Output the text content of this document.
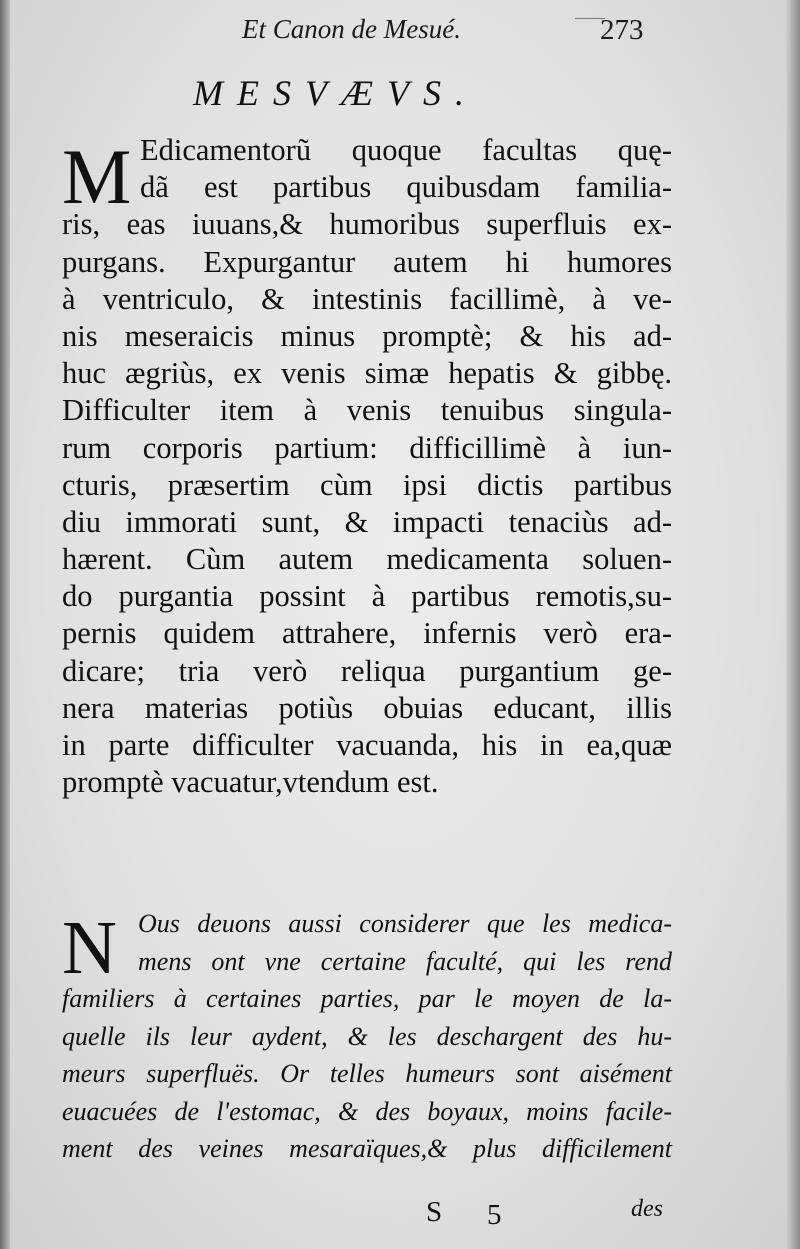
Et Canon de Mesué.	273
MESVÆVS.
M Edicamentorũ quoque facultas quę-
dã est partibus quibusdam familia-
ris, eas iuuans,& humoribus superfluis ex-
purgans. Expurgantur autem hi humores
à ventriculo, & intestinis facillimè, à ve-
nis meseraicis minus promptè; & his ad-
huc ægriùs, ex venis simæ hepatis & gibbę.
Difficulter item à venis tenuibus singula-
rum corporis partium: difficillimè à iun-
cturis, præsertim cùm ipsi dictis partibus
diu immorati sunt, & impacti tenaciùs ad-
hærent. Cùm autem medicamenta soluen-
do purgantia possint à partibus remotis,su-
pernis quidem attrahere, infernis verò era-
dicare; tria verò reliqua purgantium ge-
nera materias potiùs obuias educant, illis
in parte difficulter vacuanda, his in ea,quæ
promptè vacuatur,vtendum est.
N Ous deuons aussi considerer que les medica-
mens ont vne certaine faculté, qui les rend
familiers à certaines parties, par le moyen de la-
quelle ils leur aydent, & les deschargent des hu-
meurs superfluës. Or telles humeurs sont aisément
euacuées de l'estomac, & des boyaux, moins facile-
ment des veines mesaraïques,& plus difficilement
S 5	des
